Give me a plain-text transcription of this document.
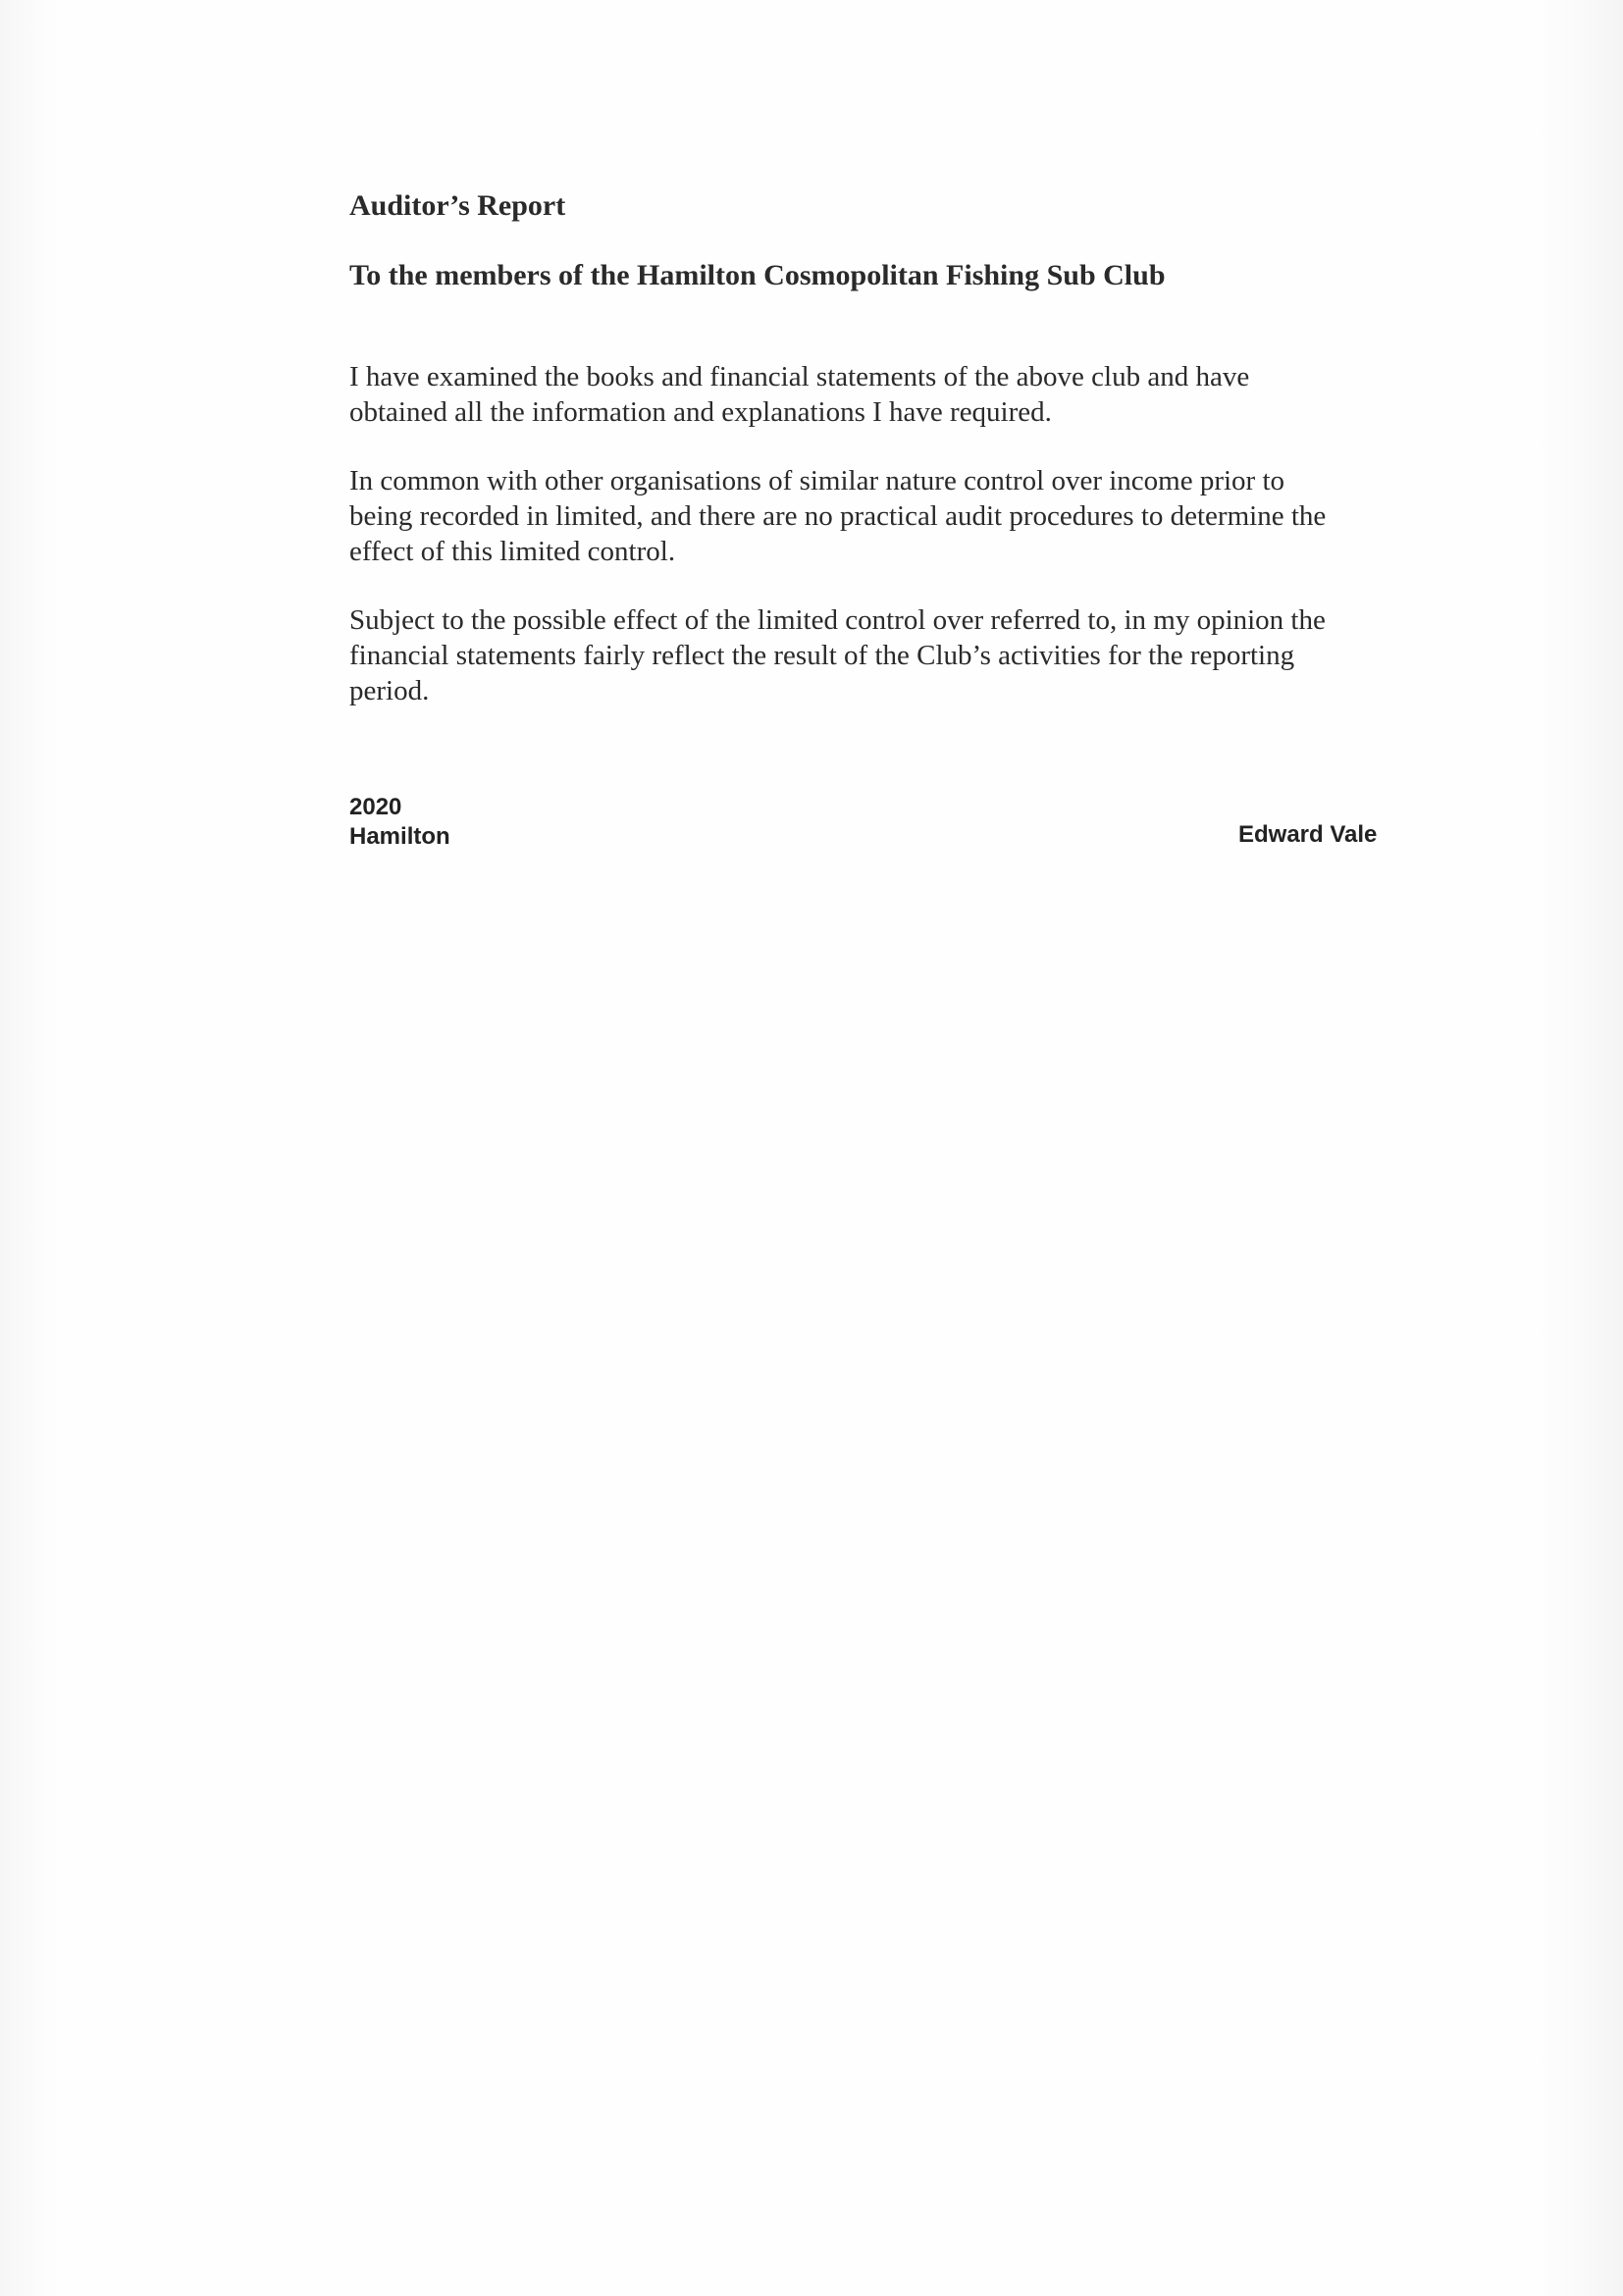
Auditor’s Report
To the members of the Hamilton Cosmopolitan Fishing Sub Club

I have examined the books and financial statements of the above club and have
obtained all the information and explanations I have required.

In common with other organisations of similar nature control over income prior to
being recorded in limited, and there are no practical audit procedures to determine the
effect of this limited control.

Subject to the possible effect of the limited control over referred to, in my opinion the
financial statements fairly reflect the result of the Club’s activities for the reporting
period.

2020
Hamilton	Edward Vale
